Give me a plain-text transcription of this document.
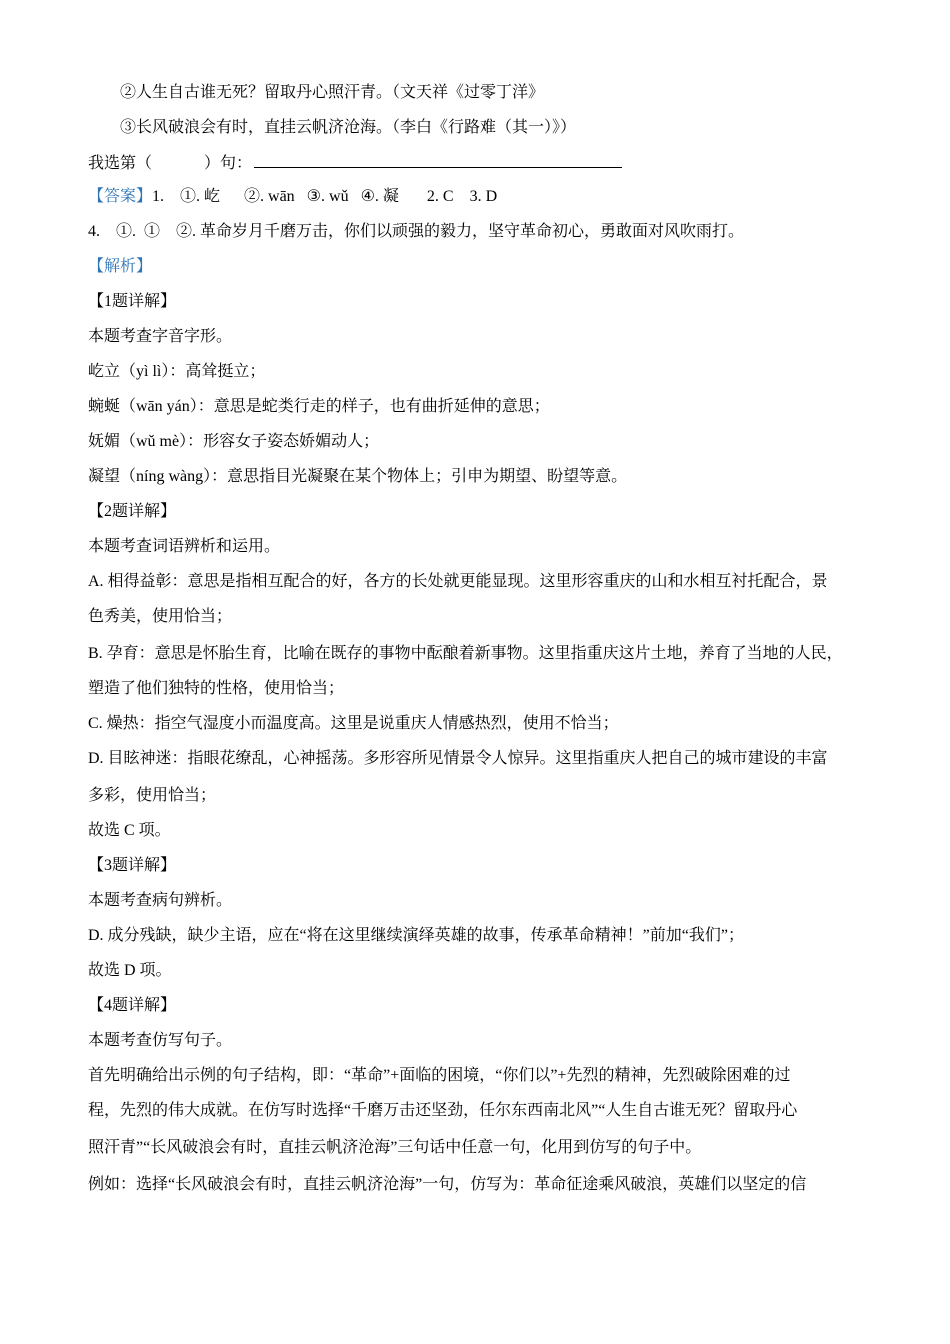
②人生自古谁无死？留取丹心照汗青。（文天祥《过零丁洋》
③长风破浪会有时，直挂云帆济沧海。（李白《行路难（其一）》）
我选第（	）句：
【答案】1.    ①. 屹      ②. wān   ③. wǔ   ④. 凝       2. C    3. D
4.    ①.  ①    ②. 革命岁月千磨万击，你们以顽强的毅力，坚守革命初心，勇敢面对风吹雨打。
【解析】
【1题详解】
本题考查字音字形。
屹立（yì lì）：高耸挺立；
蜿蜒（wān yán）：意思是蛇类行走的样子，也有曲折延伸的意思；
妩媚（wǔ mè）：形容女子姿态娇媚动人；
凝望（níng wàng）：意思指目光凝聚在某个物体上；引申为期望、盼望等意。
【2题详解】
本题考查词语辨析和运用。
A. 相得益彰：意思是指相互配合的好，各方的长处就更能显现。这里形容重庆的山和水相互衬托配合，景
色秀美，使用恰当；
B. 孕育：意思是怀胎生育，比喻在既存的事物中酝酿着新事物。这里指重庆这片土地，养育了当地的人民，
塑造了他们独特的性格，使用恰当；
C. 燥热：指空气湿度小而温度高。这里是说重庆人情感热烈，使用不恰当；
D. 目眩神迷：指眼花缭乱，心神摇荡。多形容所见情景令人惊异。这里指重庆人把自己的城市建设的丰富
多彩，使用恰当；
故选 C 项。
【3题详解】
本题考查病句辨析。
D. 成分残缺，缺少主语，应在“将在这里继续演绎英雄的故事，传承革命精神！”前加“我们”；
故选 D 项。
【4题详解】
本题考查仿写句子。
首先明确给出示例的句子结构，即：“革命”+面临的困境，“你们以”+先烈的精神，先烈破除困难的过
程，先烈的伟大成就。在仿写时选择“千磨万击还坚劲，任尔东西南北风”“人生自古谁无死？留取丹心
照汗青”“长风破浪会有时，直挂云帆济沧海”三句话中任意一句，化用到仿写的句子中。
例如：选择“长风破浪会有时，直挂云帆济沧海”一句，仿写为：革命征途乘风破浪，英雄们以坚定的信
